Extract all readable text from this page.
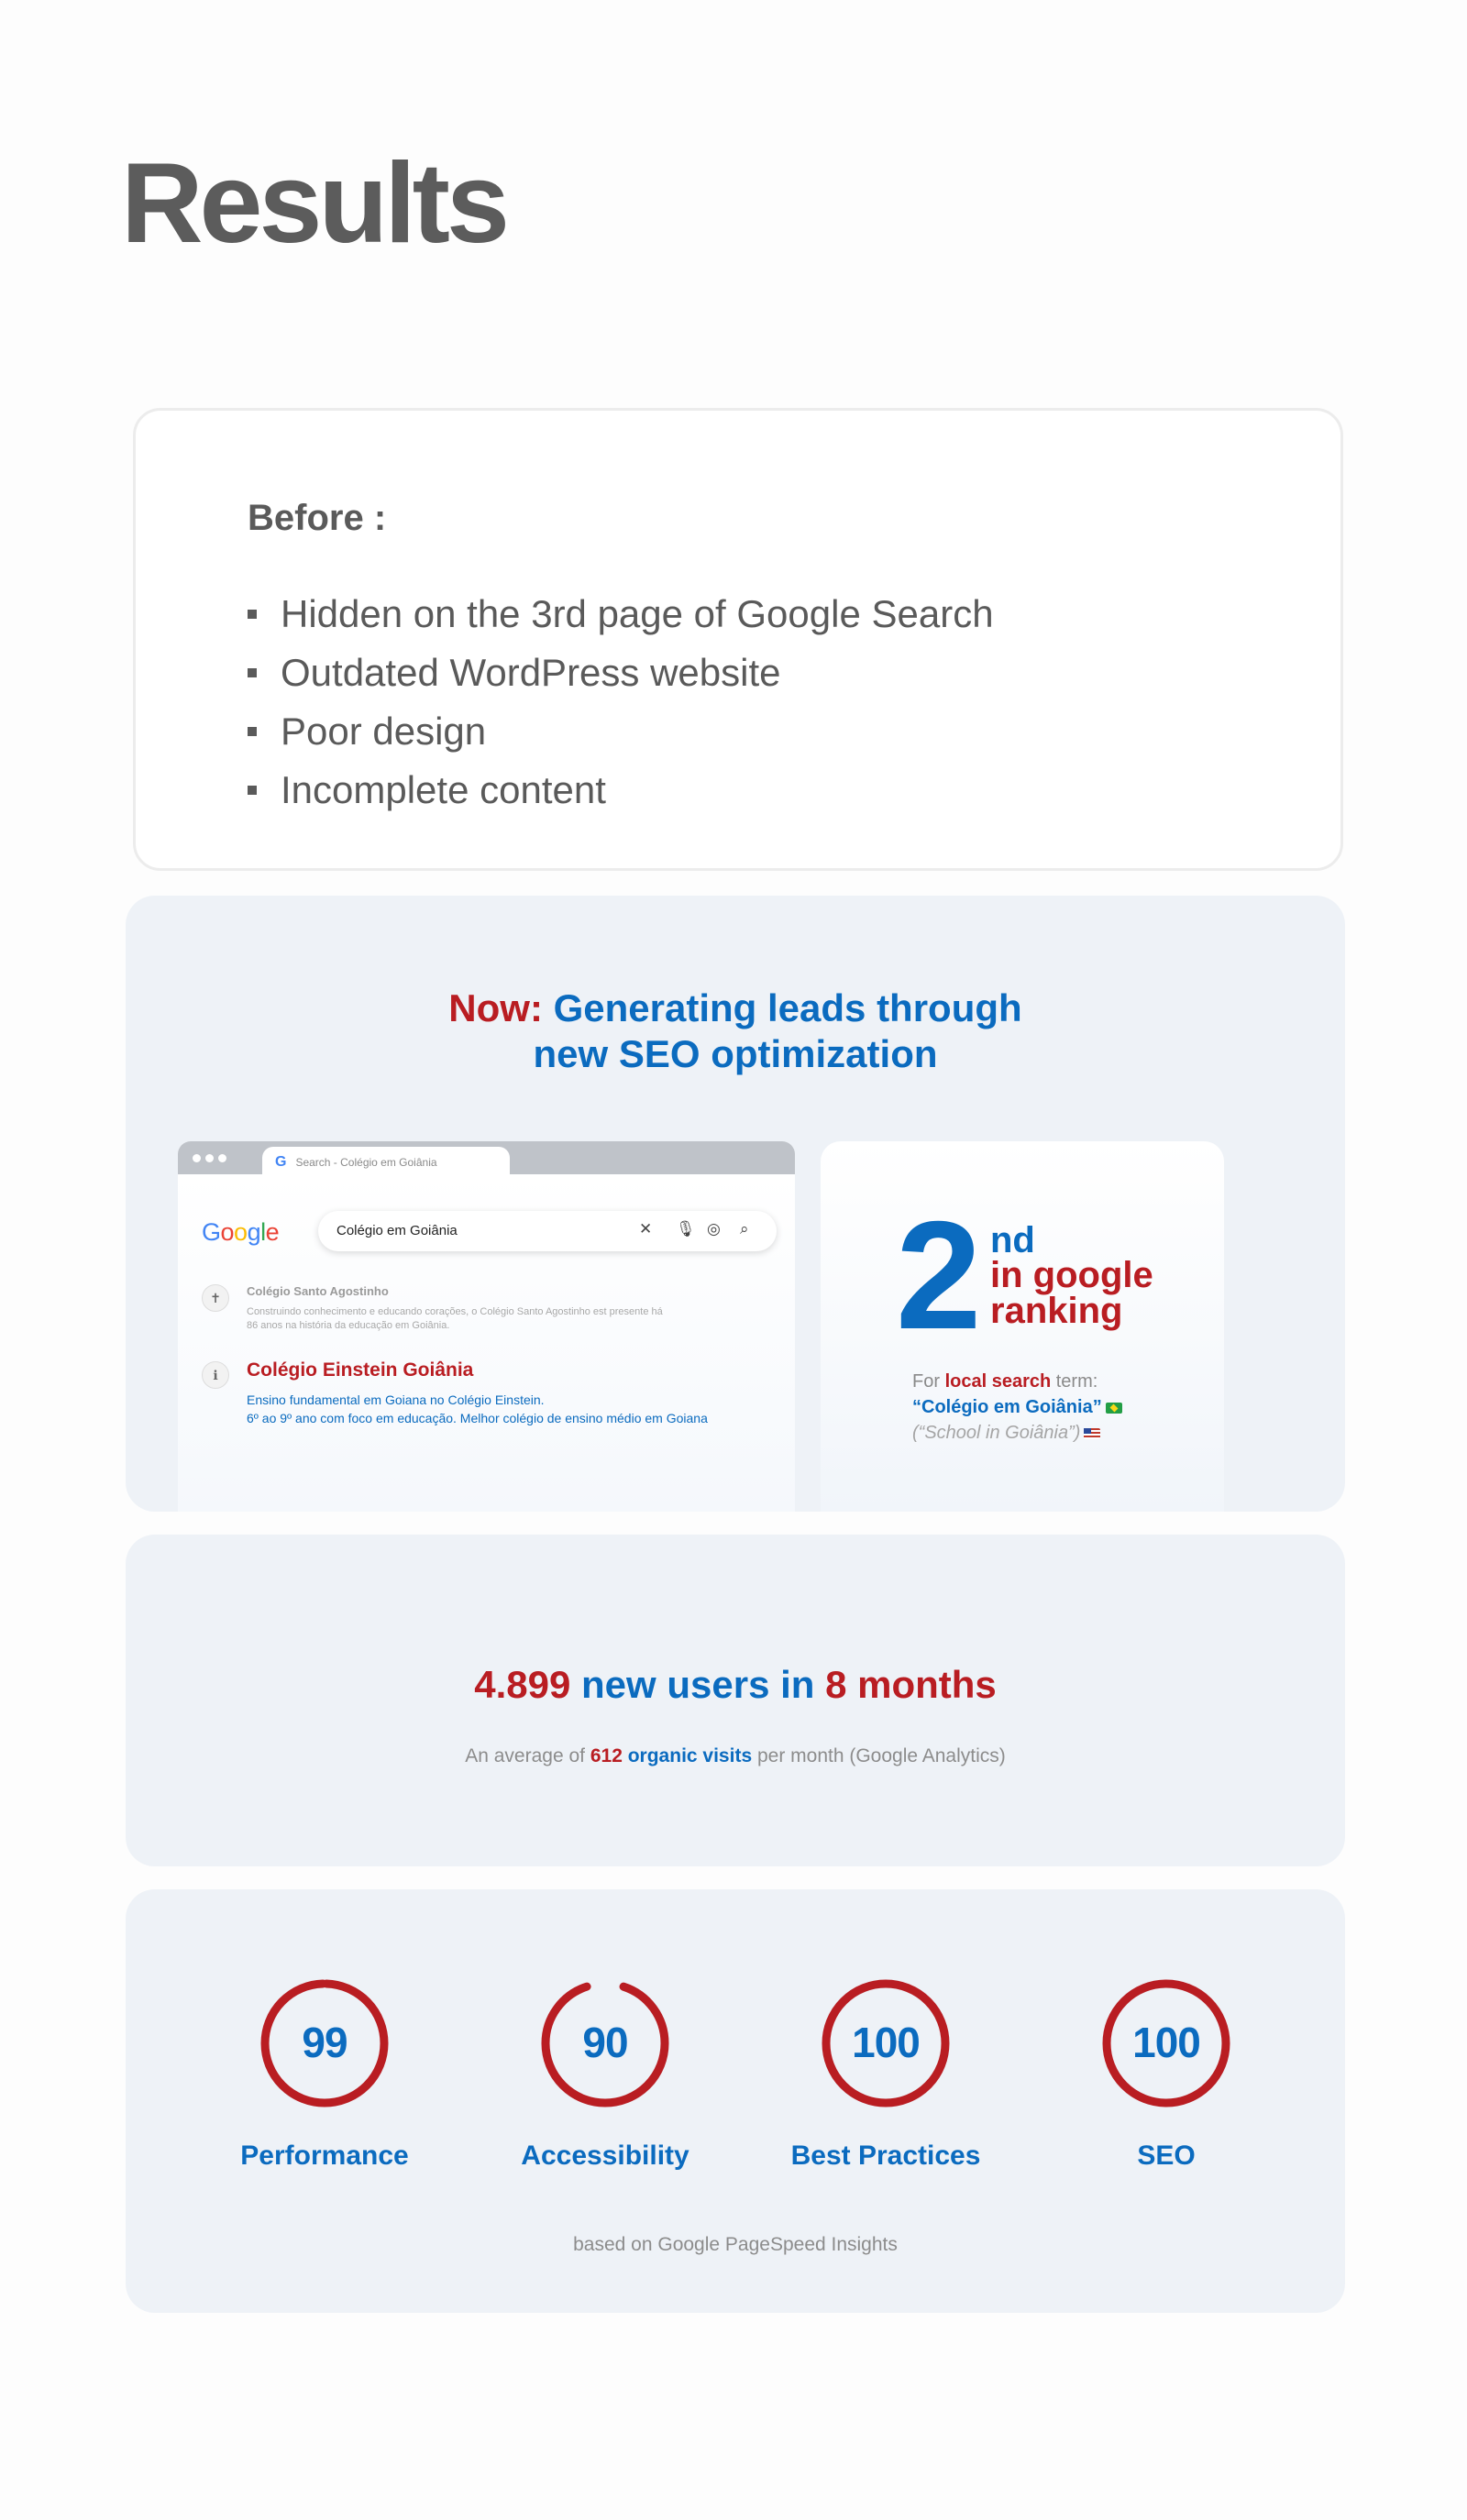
Results
Before :
Hidden on the 3rd page of Google Search
Outdated WordPress website
Poor design
Incomplete content
Now: Generating leads through
new SEO optimization
G Search - Colégio em Goiânia
Google	Colégio em Goiânia	✕ 🎙 ◎ ⌕
✝	Colégio Santo Agostinho
Construindo conhecimento e educando corações, o Colégio Santo Agostinho est presente há 86 anos na história da educação em Goiânia.
ℹ	Colégio Einstein Goiânia
Ensino fundamental em Goiana no Colégio Einstein.
6º ao 9º ano com foco em educação. Melhor colégio de ensino médio em Goiana
2 nd
in google
ranking
For local search term:
“Colégio em Goiânia”
(“School in Goiânia”)
4.899 new users in 8 months
An average of 612 organic visits per month (Google Analytics)
99
Performance
90
Accessibility
100
Best Practices
100
SEO
based on Google PageSpeed Insights
